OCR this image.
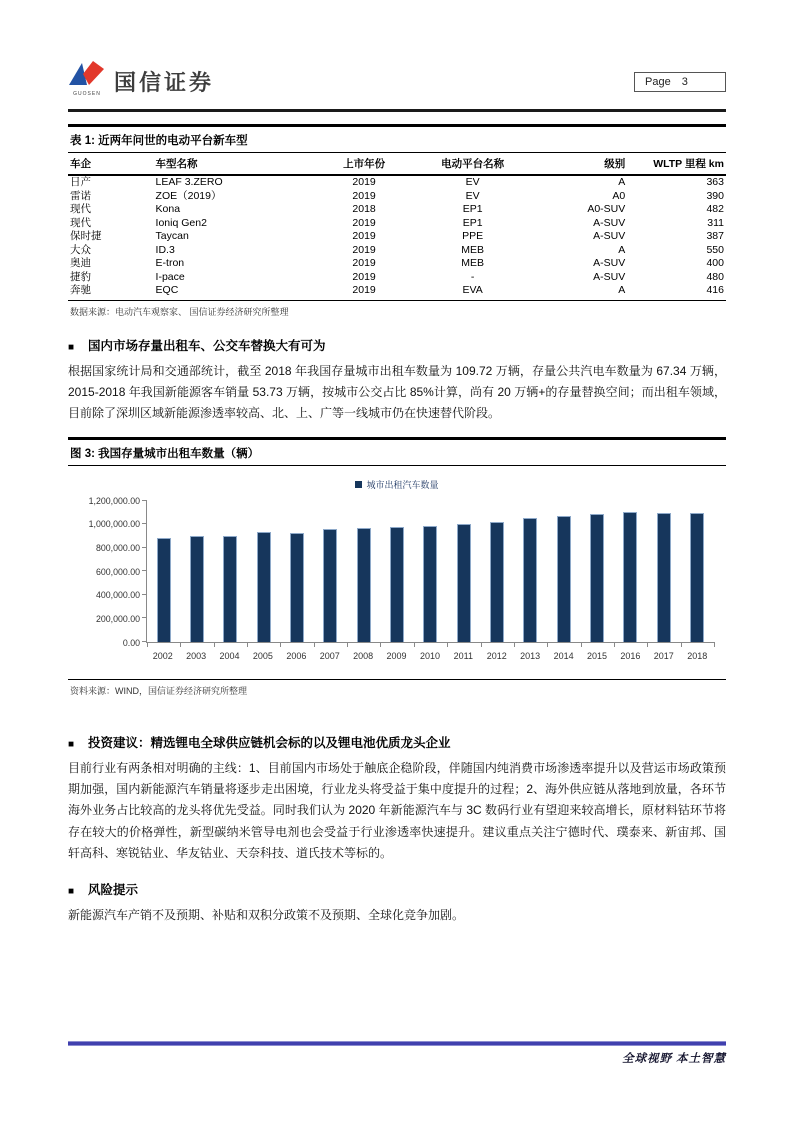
GUOSEN 国信证券	Page 3
表 1: 近两年问世的电动平台新车型
车企	车型名称	上市年份	电动平台名称	级别	WLTP 里程 km
日产	LEAF 3.ZERO	2019	EV	A	363
雷诺	ZOE（2019）	2019	EV	A0	390
现代	Kona	2018	EP1	A0-SUV	482
现代	Ioniq Gen2	2019	EP1	A-SUV	311
保时捷	Taycan	2019	PPE	A-SUV	387
大众	ID.3	2019	MEB	A	550
奥迪	E-tron	2019	MEB	A-SUV	400
捷豹	I-pace	2019	-	A-SUV	480
奔驰	EQC	2019	EVA	A	416
数据来源：电动汽车观察家、 国信证券经济研究所整理
■ 国内市场存量出租车、公交车替换大有可为
根据国家统计局和交通部统计，截至 2018 年我国存量城市出租车数量为 109.72 万辆，存量公共汽电车数量为 67.34 万辆，2015-2018 年我国新能源客车销量 53.73 万辆，按城市公交占比 85%计算，尚有 20 万辆+的存量替换空间；而出租车领域，目前除了深圳区域新能源渗透率较高、北、上、广等一线城市仍在快速替代阶段。
图 3: 我国存量城市出租车数量（辆）
城市出租汽车数量
0.00
200,000.00
400,000.00
600,000.00
800,000.00
1,000,000.00
1,200,000.00
2002	2003	2004	2005	2006	2007	2008	2009	2010	2011	2012	2013	2014	2015	2016	2017	2018
资料来源：WIND，国信证券经济研究所整理
■ 投资建议：精选锂电全球供应链机会标的以及锂电池优质龙头企业
目前行业有两条相对明确的主线：1、目前国内市场处于触底企稳阶段，伴随国内纯消费市场渗透率提升以及营运市场政策预期加强，国内新能源汽车销量将逐步走出困境，行业龙头将受益于集中度提升的过程；2、海外供应链从落地到放量，各环节海外业务占比较高的龙头将优先受益。同时我们认为 2020 年新能源汽车与 3C 数码行业有望迎来较高增长，原材料钴环节将存在较大的价格弹性，新型碳纳米管导电剂也会受益于行业渗透率快速提升。建议重点关注宁德时代、璞泰来、新宙邦、国轩高科、寒锐钴业、华友钴业、天奈科技、道氏技术等标的。
■ 风险提示
新能源汽车产销不及预期、补贴和双积分政策不及预期、全球化竞争加剧。
全球视野 本土智慧
